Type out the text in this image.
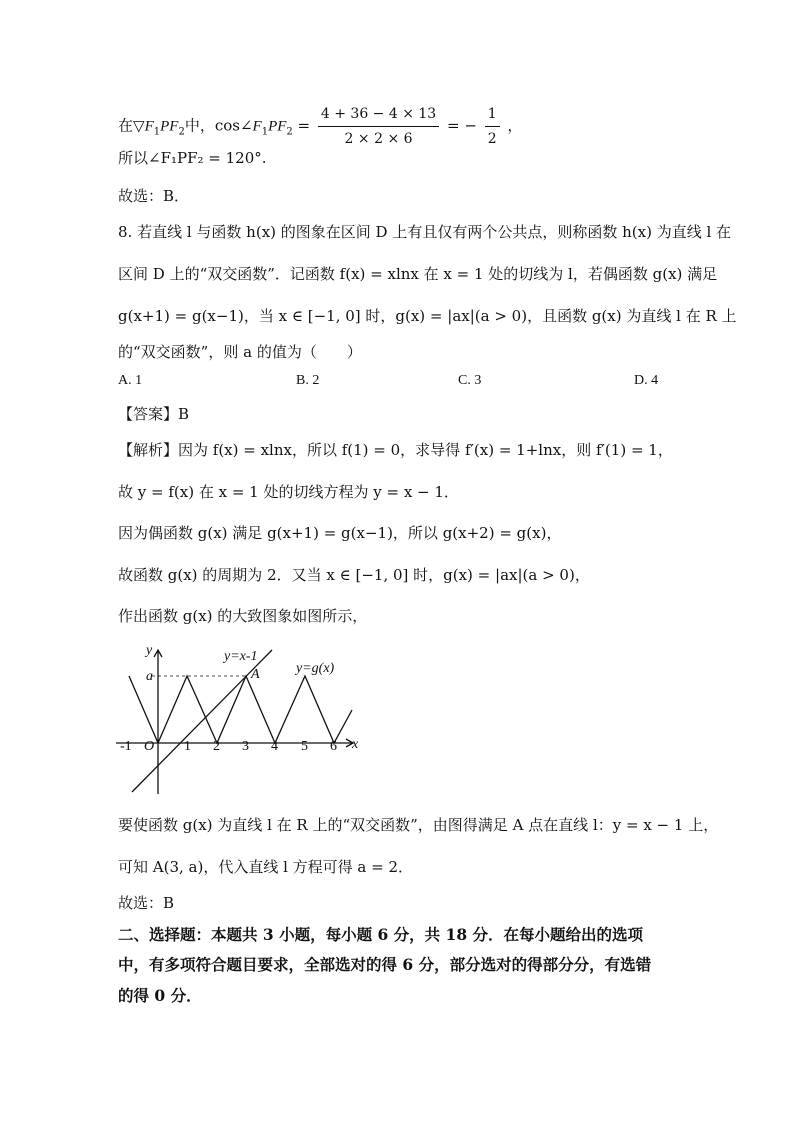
在$▽F_1PF_2$中，$\cos\angle F_1PF_2 = \frac{4 + 36 - 4 \times 13}{2 \times 2 \times 6}$ = − $\frac{1}{2}$ ，
所以∠F₁PF₂ = 120°.
故选：B．
8. 若直线 l 与函数 h(x) 的图象在区间 D 上有且仅有两个公共点，则称函数 h(x) 为直线 l 在
区间 D 上的“双交函数”．记函数 f(x) = xlnx 在 x = 1 处的切线为 l，若偶函数 g(x) 满足
g(x+1) = g(x−1)，当 x ∈ [−1, 0] 时，g(x) = |ax|(a > 0)，且函数 g(x) 为直线 l 在 R 上
的“双交函数”，则 a 的值为（　　）
A. 1	B. 2	C. 3	D. 4
【答案】B
【解析】因为 f(x) = xlnx，所以 f(1) = 0，求导得 f′(x) = 1+lnx，则 f′(1) = 1，
故 y = f(x) 在 x = 1 处的切线方程为 y = x − 1．
因为偶函数 g(x) 满足 g(x+1) = g(x−1)，所以 g(x+2) = g(x)，
故函数 g(x) 的周期为 2．又当 x ∈ [−1, 0] 时，g(x) = |ax|(a > 0)，
作出函数 g(x) 的大致图象如图所示，
y
x
O
a
y=x-1
y=g(x)
A
-1	1 2 3 4 5 6
要使函数 g(x) 为直线 l 在 R 上的“双交函数”，由图得满足 A 点在直线 l：y = x − 1 上，
可知 A(3, a)，代入直线 l 方程可得 a = 2．
故选：B
二、选择题：本题共 3 小题，每小题 6 分，共 18 分．在每小题给出的选项
中，有多项符合题目要求，全部选对的得 6 分，部分选对的得部分分，有选错
的得 0 分．
